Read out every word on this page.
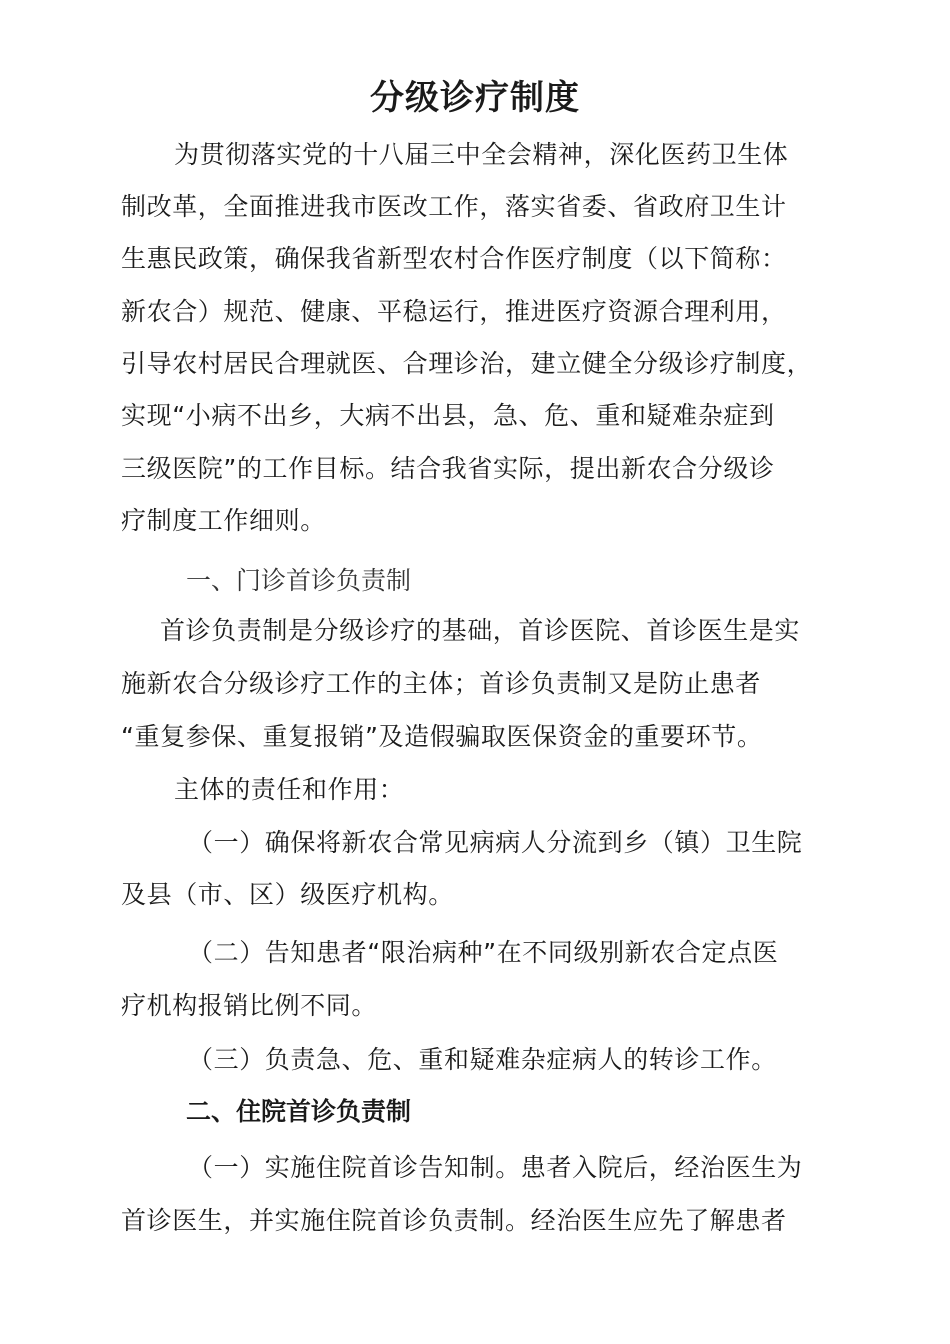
分级诊疗制度
为贯彻落实党的十八届三中全会精神，深化医药卫生体
制改革，全面推进我市医改工作，落实省委、省政府卫生计
生惠民政策，确保我省新型农村合作医疗制度（以下简称：
新农合）规范、健康、平稳运行，推进医疗资源合理利用，
引导农村居民合理就医、合理诊治，建立健全分级诊疗制度，
实现“小病不出乡，大病不出县，急、危、重和疑难杂症到
三级医院”的工作目标。结合我省实际，提出新农合分级诊
疗制度工作细则。
一、门诊首诊负责制
首诊负责制是分级诊疗的基础，首诊医院、首诊医生是实
施新农合分级诊疗工作的主体；首诊负责制又是防止患者
“重复参保、重复报销”及造假骗取医保资金的重要环节。
主体的责任和作用：
（一）确保将新农合常见病病人分流到乡（镇）卫生院
及县（市、区）级医疗机构。
（二）告知患者“限治病种”在不同级别新农合定点医
疗机构报销比例不同。
（三）负责急、危、重和疑难杂症病人的转诊工作。
二、住院首诊负责制
（一）实施住院首诊告知制。患者入院后，经治医生为
首诊医生，并实施住院首诊负责制。经治医生应先了解患者
